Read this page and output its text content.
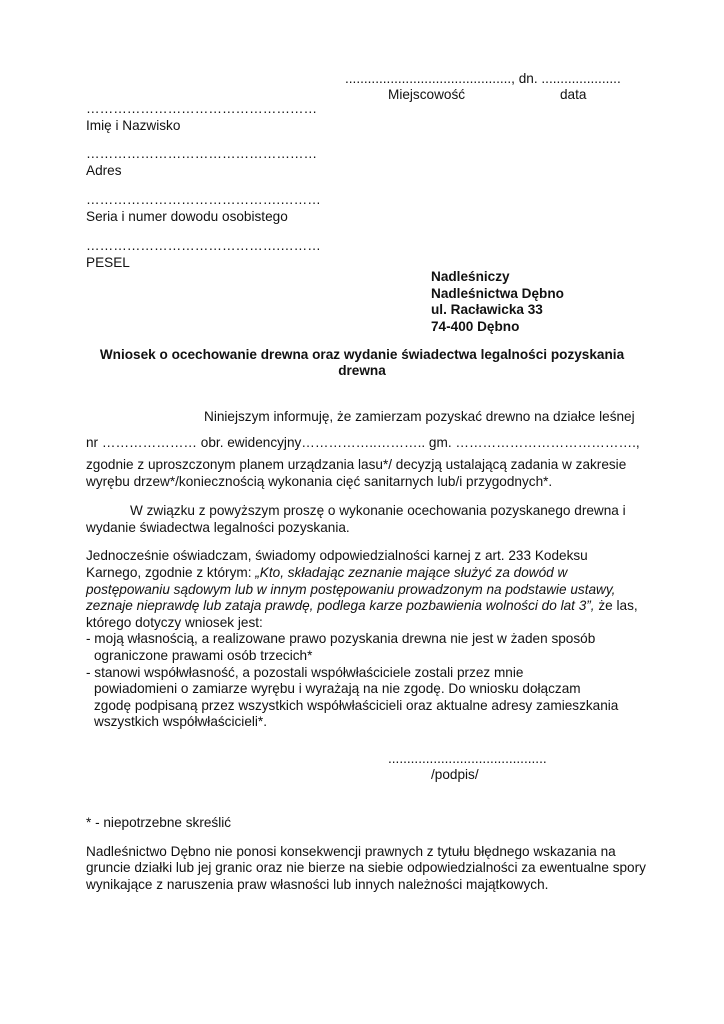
............................................, dn. .....................
Miejscowość	data
……………………………………………
Imię i Nazwisko
……………………………………………
Adres
…………………………………….………
Seria i numer dowodu osobistego
…………………………………….………
PESEL
Nadleśniczy
Nadleśnictwa Dębno
ul. Racławicka 33
74-400 Dębno
Wniosek o ocechowanie drewna oraz wydanie świadectwa legalności pozyskania
drewna
Niniejszym informuję, że zamierzam pozyskać drewno na działce leśnej
nr ………………… obr. ewidencyjny……………..……….. gm. ………………………………….,
zgodnie z uproszczonym planem urządzania lasu*/ decyzją ustalającą zadania w zakresie
wyrębu drzew*/koniecznością wykonania cięć sanitarnych lub/i przygodnych*.
W związku z powyższym proszę o wykonanie ocechowania pozyskanego drewna i
wydanie świadectwa legalności pozyskania.
Jednocześnie oświadczam, świadomy odpowiedzialności karnej z art. 233 Kodeksu
Karnego, zgodnie z którym: „Kto, składając zeznanie mające służyć za dowód w
postępowaniu sądowym lub w innym postępowaniu prowadzonym na podstawie ustawy,
zeznaje nieprawdę lub zataja prawdę, podlega karze pozbawienia wolności do lat 3”, że las,
którego dotyczy wniosek jest:
- moją własnością, a realizowane prawo pozyskania drewna nie jest w żaden sposób
ograniczone prawami osób trzecich*
- stanowi współwłasność, a pozostali współwłaściciele zostali przez mnie
powiadomieni o zamiarze wyrębu i wyrażają na nie zgodę. Do wniosku dołączam
zgodę podpisaną przez wszystkich współwłaścicieli oraz aktualne adresy zamieszkania
wszystkich współwłaścicieli*.
..........................................
/podpis/
* - niepotrzebne skreślić
Nadleśnictwo Dębno nie ponosi konsekwencji prawnych z tytułu błędnego wskazania na
gruncie działki lub jej granic oraz nie bierze na siebie odpowiedzialności za ewentualne spory
wynikające z naruszenia praw własności lub innych należności majątkowych.
